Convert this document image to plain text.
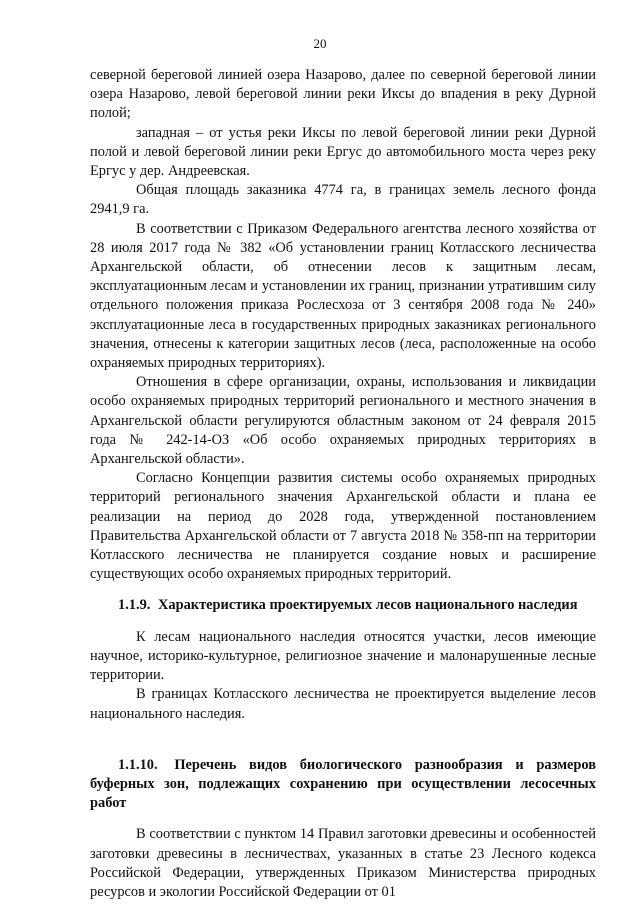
20

северной береговой линией озера Назарово, далее по северной береговой линии озера Назарово, левой береговой линии реки Иксы до впадения в реку Дурной полой;

западная – от устья реки Иксы по левой береговой линии реки Дурной полой и левой береговой линии реки Ергус до автомобильного моста через реку Ергус у дер. Андреевская.

Общая площадь заказника 4774 га, в границах земель лесного фонда 2941,9 га.

В соответствии с Приказом Федерального агентства лесного хозяйства от 28 июля 2017 года № 382 «Об установлении границ Котласского лесничества Архангельской области, об отнесении лесов к защитным лесам, эксплуатационным лесам и установлении их границ, признании утратившим силу отдельного положения приказа Рослесхоза от 3 сентября 2008 года № 240» эксплуатационные леса в государственных природных заказниках регионального значения, отнесены к категории защитных лесов (леса, расположенные на особо охраняемых природных территориях).

Отношения в сфере организации, охраны, использования и ликвидации особо охраняемых природных территорий регионального и местного значения в Архангельской области регулируются областным законом от 24 февраля 2015 года № 242-14-ОЗ «Об особо охраняемых природных территориях в Архангельской области».

Согласно Концепции развития системы особо охраняемых природных территорий регионального значения Архангельской области и плана ее реализации на период до 2028 года, утвержденной постановлением Правительства Архангельской области от 7 августа 2018 № 358-пп на территории Котласского лесничества не планируется создание новых и расширение существующих особо охраняемых природных территорий.

1.1.9. Характеристика проектируемых лесов национального наследия

К лесам национального наследия относятся участки, лесов имеющие научное, историко-культурное, религиозное значение и малонарушенные лесные территории.

В границах Котласского лесничества не проектируется выделение лесов национального наследия.

1.1.10. Перечень видов биологического разнообразия и размеров буферных зон, подлежащих сохранению при осуществлении лесосечных работ

В соответствии с пунктом 14 Правил заготовки древесины и особенностей заготовки древесины в лесничествах, указанных в статье 23 Лесного кодекса Российской Федерации, утвержденных Приказом Министерства природных ресурсов и экологии Российской Федерации от 01
